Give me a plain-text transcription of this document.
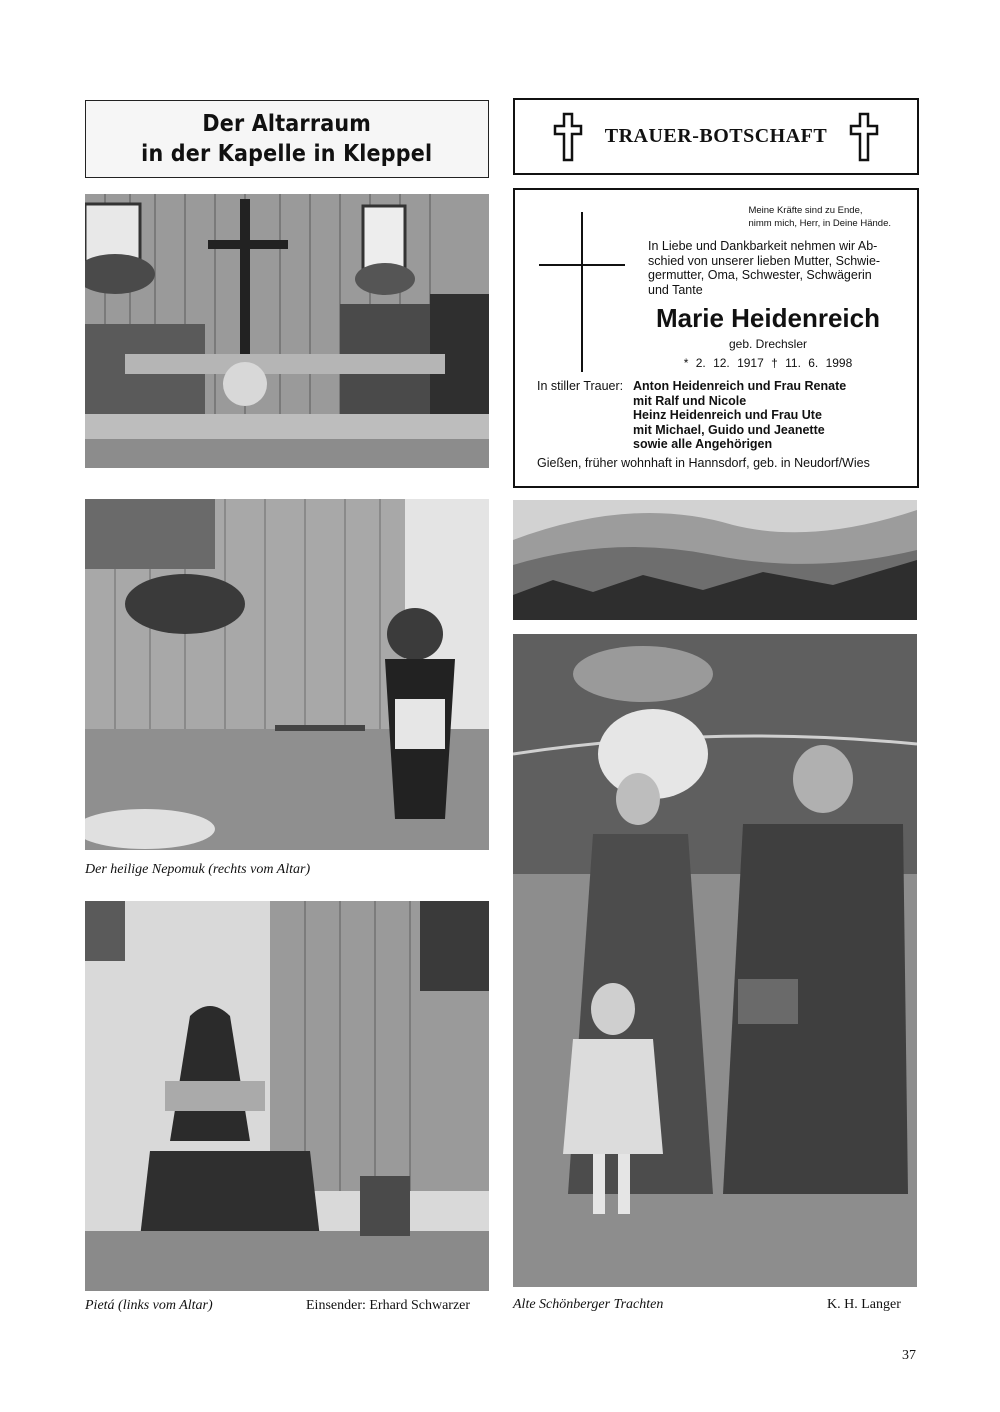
Der Altarraum
in der Kapelle in Kleppel
TRAUER-BOTSCHAFT
Meine Kräfte sind zu Ende,
nimm mich, Herr, in Deine Hände.
In Liebe und Dankbarkeit nehmen wir Ab-
schied von unserer lieben Mutter, Schwie-
germutter, Oma, Schwester, Schwägerin
und Tante
Marie Heidenreich
geb. Drechsler
* 2. 12. 1917 † 11. 6. 1998
In stiller Trauer: Anton Heidenreich und Frau Renate
mit Ralf und Nicole
Heinz Heidenreich und Frau Ute
mit Michael, Guido und Jeanette
sowie alle Angehörigen
Gießen, früher wohnhaft in Hannsdorf, geb. in Neudorf/Wies
Der heilige Nepomuk (rechts vom Altar)
Pietá (links vom Altar)	Einsender: Erhard Schwarzer	Alte Schönberger Trachten	K. H. Langer
37
